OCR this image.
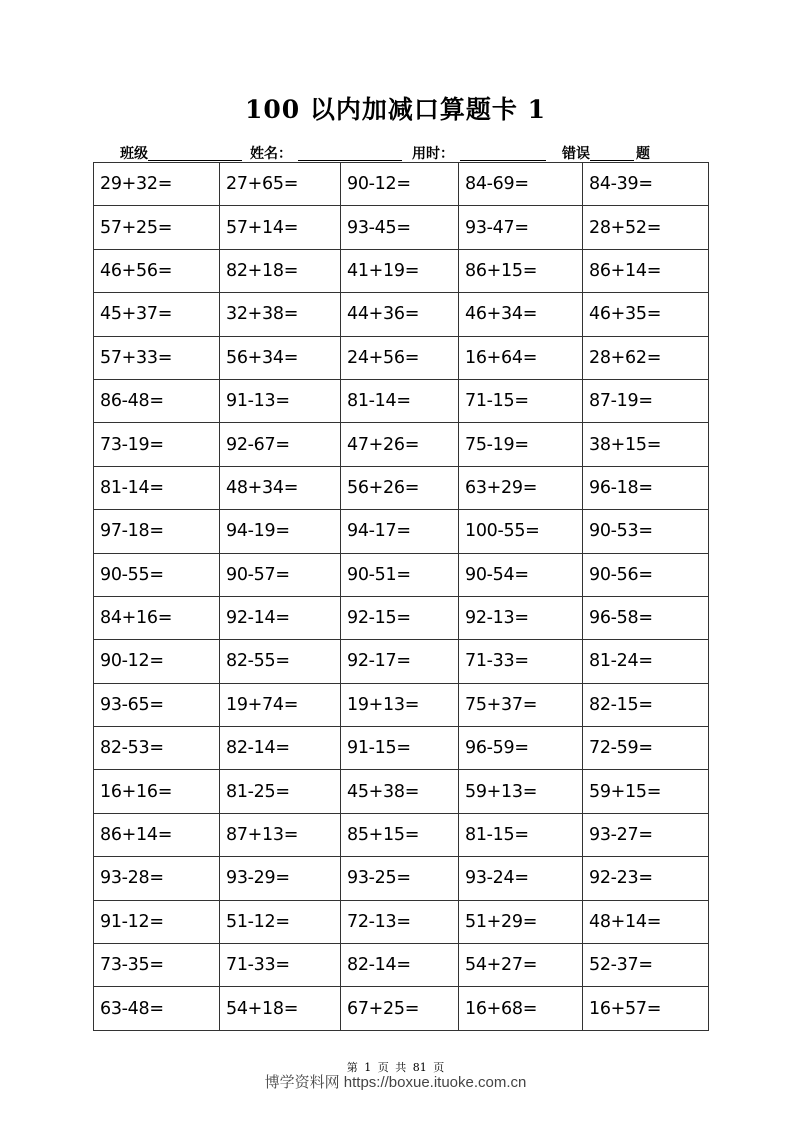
100 以内加减口算题卡 1
班级	姓名：	用时：	错误	题
29+32=	27+65=	90-12=	84-69=	84-39=
57+25=	57+14=	93-45=	93-47=	28+52=
46+56=	82+18=	41+19=	86+15=	86+14=
45+37=	32+38=	44+36=	46+34=	46+35=
57+33=	56+34=	24+56=	16+64=	28+62=
86-48=	91-13=	81-14=	71-15=	87-19=
73-19=	92-67=	47+26=	75-19=	38+15=
81-14=	48+34=	56+26=	63+29=	96-18=
97-18=	94-19=	94-17=	100-55=	90-53=
90-55=	90-57=	90-51=	90-54=	90-56=
84+16=	92-14=	92-15=	92-13=	96-58=
90-12=	82-55=	92-17=	71-33=	81-24=
93-65=	19+74=	19+13=	75+37=	82-15=
82-53=	82-14=	91-15=	96-59=	72-59=
16+16=	81-25=	45+38=	59+13=	59+15=
86+14=	87+13=	85+15=	81-15=	93-27=
93-28=	93-29=	93-25=	93-24=	92-23=
91-12=	51-12=	72-13=	51+29=	48+14=
73-35=	71-33=	82-14=	54+27=	52-37=
63-48=	54+18=	67+25=	16+68=	16+57=
第 1 页 共 81 页
博学资料网 https://boxue.ituoke.com.cn
